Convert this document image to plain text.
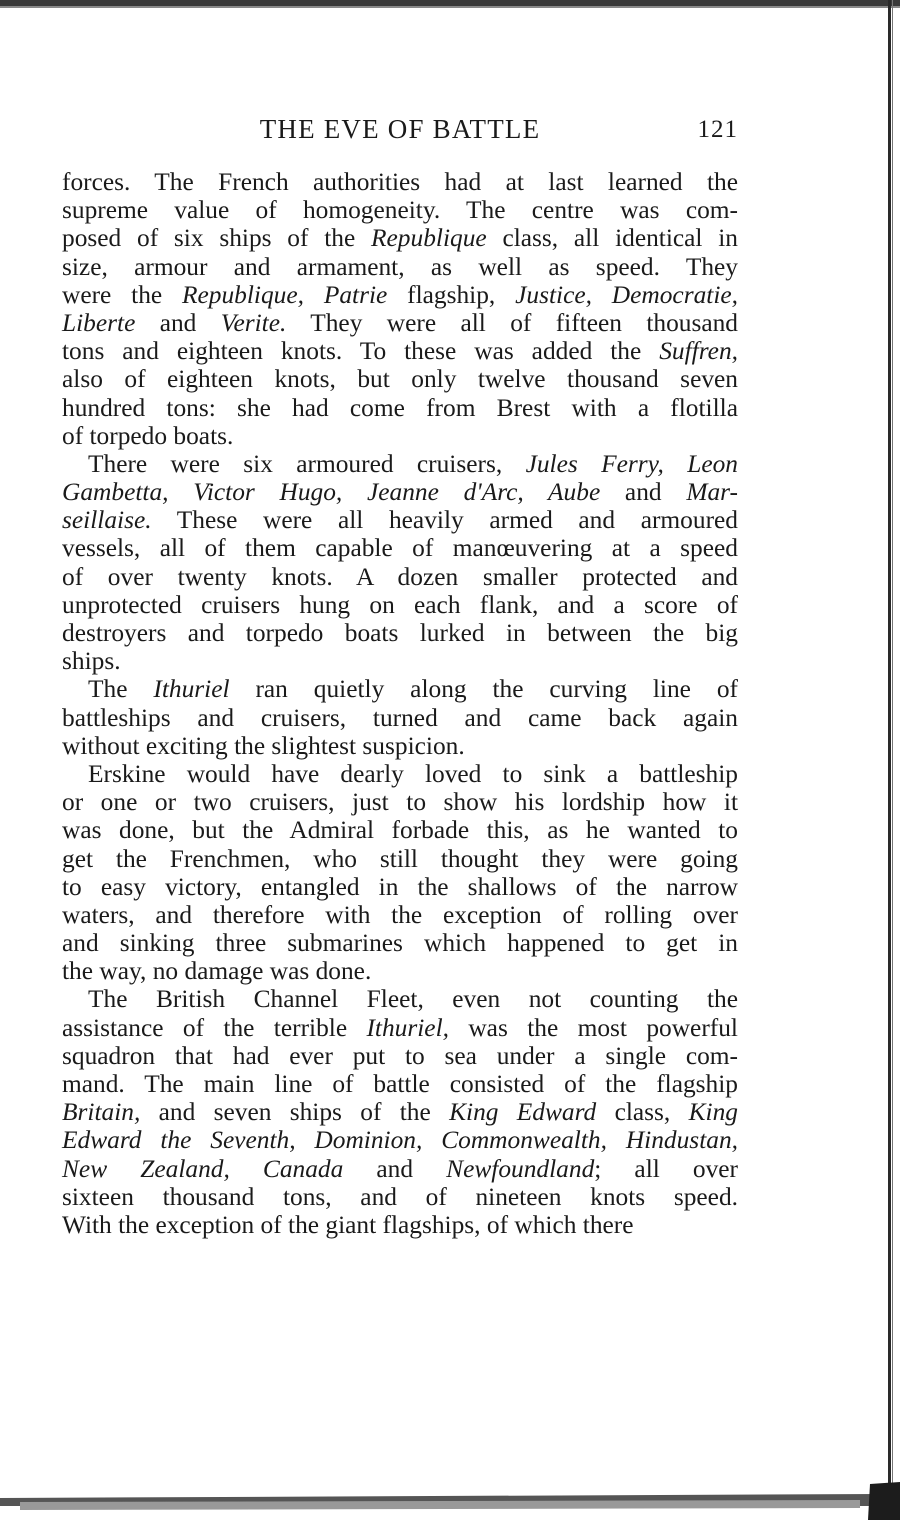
THE EVE OF BATTLE	121
forces. The French authorities had at last learned the
supreme value of homogeneity. The centre was com-
posed of six ships of the Republique class, all identical in
size, armour and armament, as well as speed. They
were the Republique, Patrie flagship, Justice, Democratie,
Liberte and Verite. They were all of fifteen thousand
tons and eighteen knots. To these was added the Suffren,
also of eighteen knots, but only twelve thousand seven
hundred tons: she had come from Brest with a flotilla
of torpedo boats.
There were six armoured cruisers, Jules Ferry, Leon
Gambetta, Victor Hugo, Jeanne d'Arc, Aube and Mar-
seillaise. These were all heavily armed and armoured
vessels, all of them capable of manœuvering at a speed
of over twenty knots. A dozen smaller protected and
unprotected cruisers hung on each flank, and a score of
destroyers and torpedo boats lurked in between the big
ships.
The Ithuriel ran quietly along the curving line of
battleships and cruisers, turned and came back again
without exciting the slightest suspicion.
Erskine would have dearly loved to sink a battleship
or one or two cruisers, just to show his lordship how it
was done, but the Admiral forbade this, as he wanted to
get the Frenchmen, who still thought they were going
to easy victory, entangled in the shallows of the narrow
waters, and therefore with the exception of rolling over
and sinking three submarines which happened to get in
the way, no damage was done.
The British Channel Fleet, even not counting the
assistance of the terrible Ithuriel, was the most powerful
squadron that had ever put to sea under a single com-
mand. The main line of battle consisted of the flagship
Britain, and seven ships of the King Edward class, King
Edward the Seventh, Dominion, Commonwealth, Hindustan,
New Zealand, Canada and Newfoundland; all over
sixteen thousand tons, and of nineteen knots speed.
With the exception of the giant flagships, of which there
